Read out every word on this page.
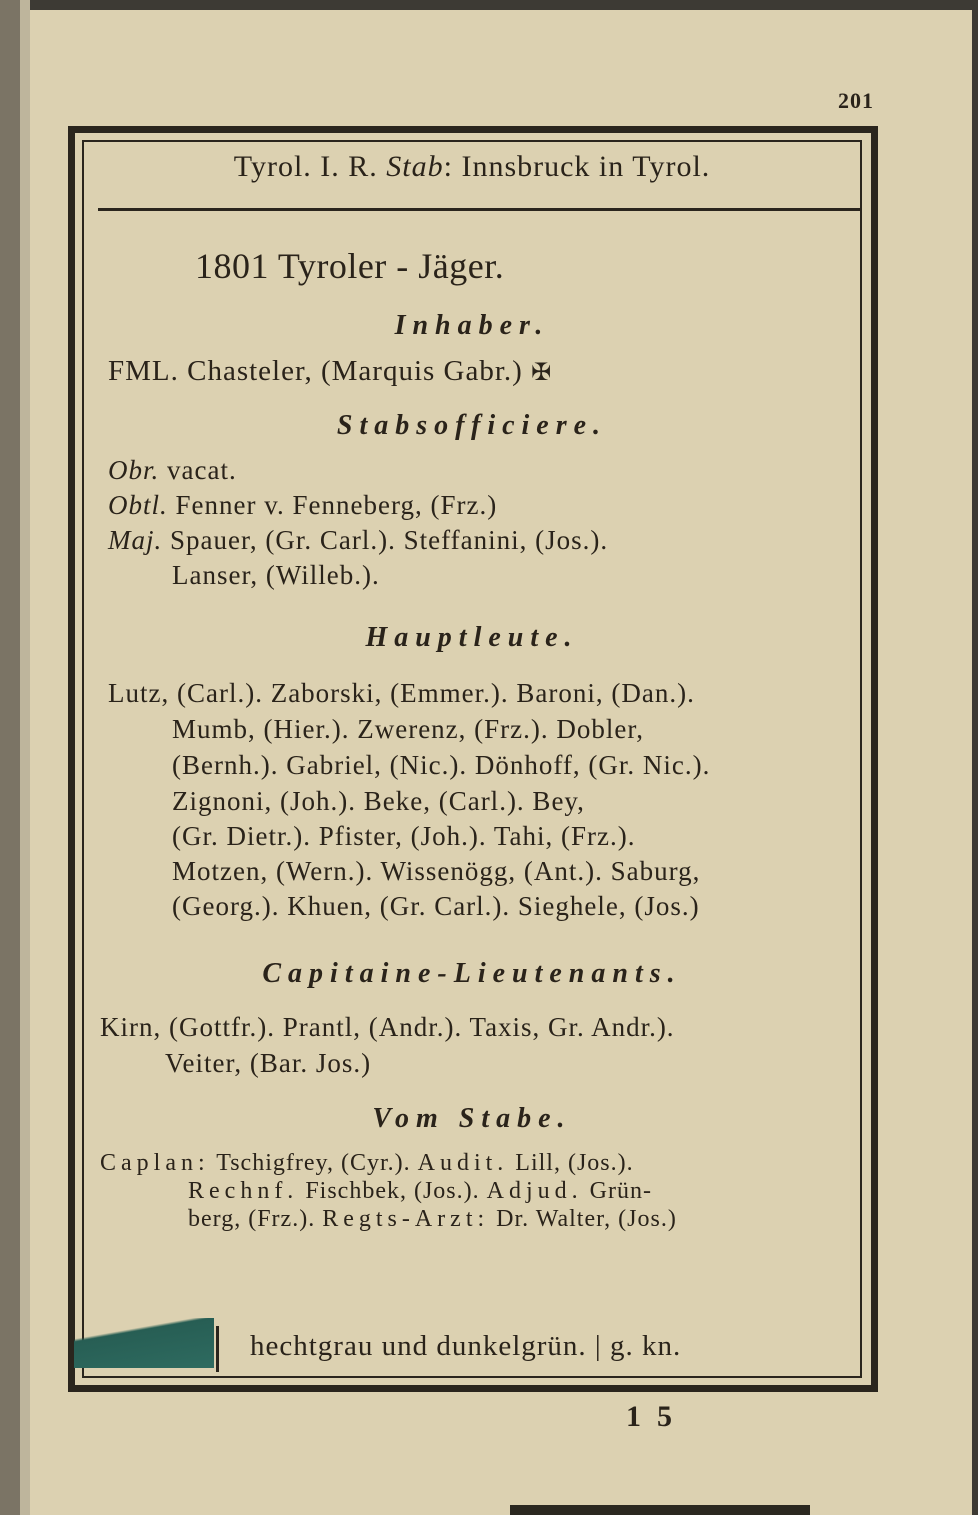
201
Tyrol. I. R. Stab: Innsbruck in Tyrol.
1801 Tyroler - Jäger.
Inhaber.
FML. Chasteler, (Marquis Gabr.) ✠
Stabsofficiere.
Obr. vacat.
Obtl. Fenner v. Fenneberg, (Frz.)
Maj. Spauer, (Gr. Carl.). Steffanini, (Jos.).
Lanser, (Willeb.).
Hauptleute.
Lutz, (Carl.). Zaborski, (Emmer.). Baroni, (Dan.).
Mumb, (Hier.). Zwerenz, (Frz.). Dobler,
(Bernh.). Gabriel, (Nic.). Dönhoff, (Gr. Nic.).
Zignoni, (Joh.). Beke, (Carl.). Bey,
(Gr. Dietr.). Pfister, (Joh.). Tahi, (Frz.).
Motzen, (Wern.). Wissenögg, (Ant.). Saburg,
(Georg.). Khuen, (Gr. Carl.). Sieghele, (Jos.)
Capitaine-Lieutenants.
Kirn, (Gottfr.). Prantl, (Andr.). Taxis, Gr. Andr.).
Veiter, (Bar. Jos.)
Vom Stabe.
Caplan: Tschigfrey, (Cyr.). Audit. Lill, (Jos.).
Rechnf. Fischbek, (Jos.). Adjud. Grün-
berg, (Frz.). Regts-Arzt: Dr. Walter, (Jos.)
hechtgrau und dunkelgrün. | g. kn.
15
